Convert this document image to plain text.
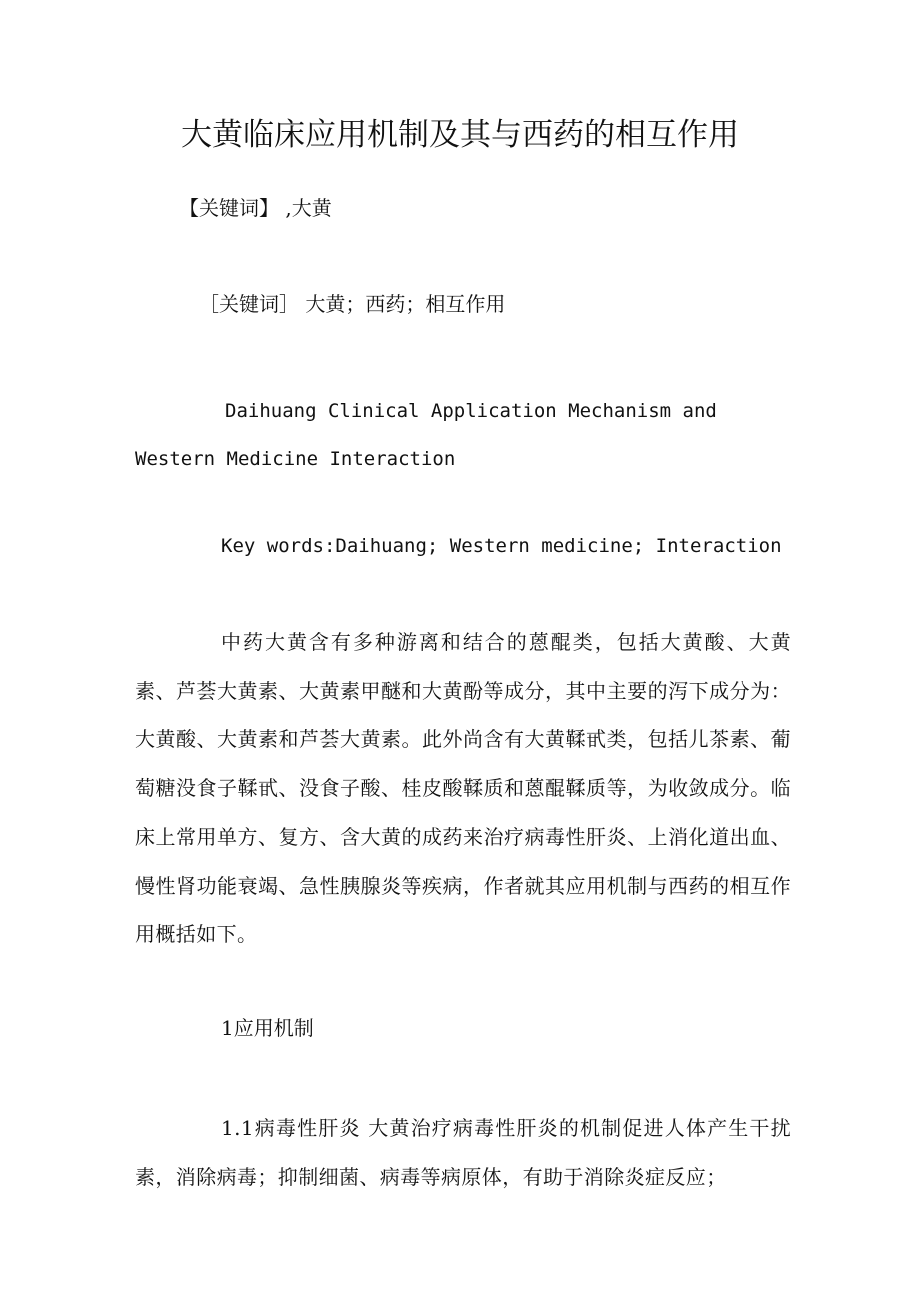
大黄临床应用机制及其与西药的相互作用
【关键词】 ,大黄
［关键词］ 大黄；西药；相互作用

Daihuang Clinical Application Mechanism and Western Medicine Interaction

Key words:Daihuang; Western medicine; Interaction

中药大黄含有多种游离和结合的蒽醌类，包括大黄酸、大黄素、芦荟大黄素、大黄素甲醚和大黄酚等成分，其中主要的泻下成分为：大黄酸、大黄素和芦荟大黄素。此外尚含有大黄鞣甙类，包括儿茶素、葡萄糖没食子鞣甙、没食子酸、桂皮酸鞣质和蒽醌鞣质等，为收敛成分。临床上常用单方、复方、含大黄的成药来治疗病毒性肝炎、上消化道出血、慢性肾功能衰竭、急性胰腺炎等疾病，作者就其应用机制与西药的相互作用概括如下。

1应用机制

1.1病毒性肝炎 大黄治疗病毒性肝炎的机制促进人体产生干扰素，消除病毒；抑制细菌、病毒等病原体，有助于消除炎症反应；
